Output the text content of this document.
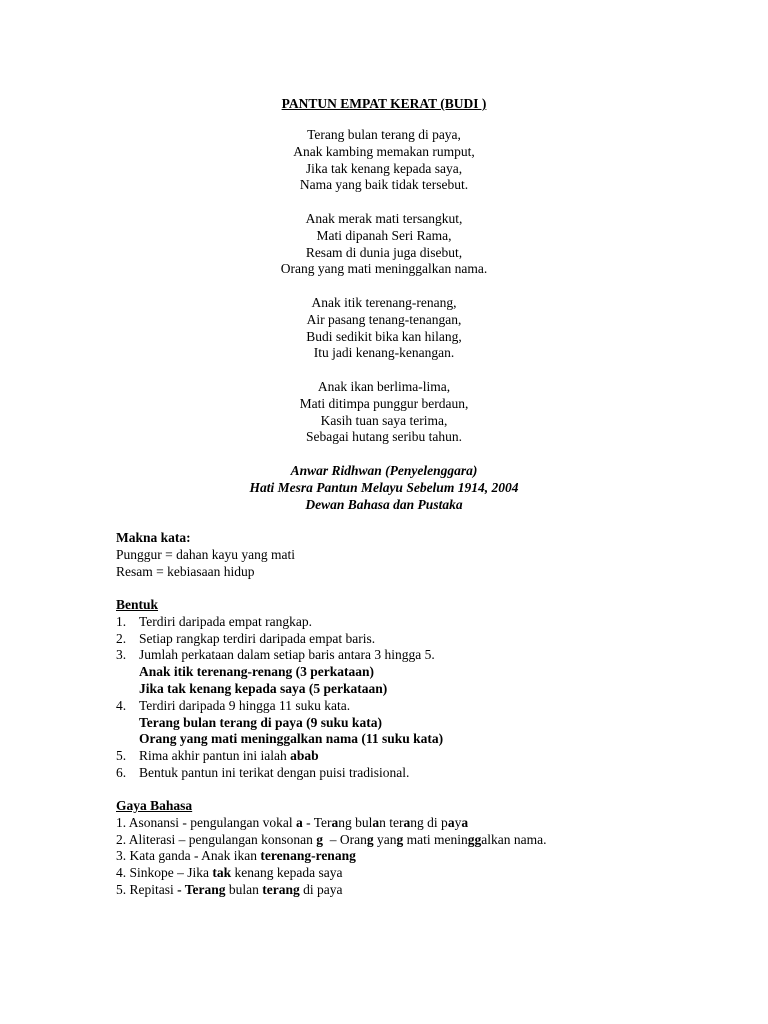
PANTUN EMPAT KERAT (BUDI )
Terang bulan terang di paya,
Anak kambing memakan rumput,
Jika tak kenang kepada saya,
Nama yang baik tidak tersebut.
Anak merak mati tersangkut,
Mati dipanah Seri Rama,
Resam di dunia juga disebut,
Orang yang mati meninggalkan nama.
Anak itik terenang-renang,
Air pasang tenang-tenangan,
Budi sedikit bika kan hilang,
Itu jadi kenang-kenangan.
Anak ikan berlima-lima,
Mati ditimpa punggur berdaun,
Kasih tuan saya terima,
Sebagai hutang seribu tahun.
Anwar Ridhwan (Penyelenggara)
Hati Mesra Pantun Melayu Sebelum 1914, 2004
Dewan Bahasa dan Pustaka
Makna kata:
Punggur = dahan kayu yang mati
Resam = kebiasaan hidup
Bentuk
1. Terdiri daripada empat rangkap.
2. Setiap rangkap terdiri daripada empat baris.
3. Jumlah perkataan dalam setiap baris antara 3 hingga 5.
Anak itik terenang-renang (3 perkataan)
Jika tak kenang kepada saya (5 perkataan)
4. Terdiri daripada 9 hingga 11 suku kata.
Terang bulan terang di paya (9 suku kata)
Orang yang mati meninggalkan nama (11 suku kata)
5. Rima akhir pantun ini ialah abab
6. Bentuk pantun ini terikat dengan puisi tradisional.
Gaya Bahasa
1. Asonansi - pengulangan vokal a - Terang bulan terang di paya
2. Aliterasi – pengulangan konsonan g  – Orang yang mati meninggalkan nama.
3. Kata ganda - Anak ikan terenang-renang
4. Sinkope – Jika tak kenang kepada saya
5. Repitasi - Terang bulan terang di paya
